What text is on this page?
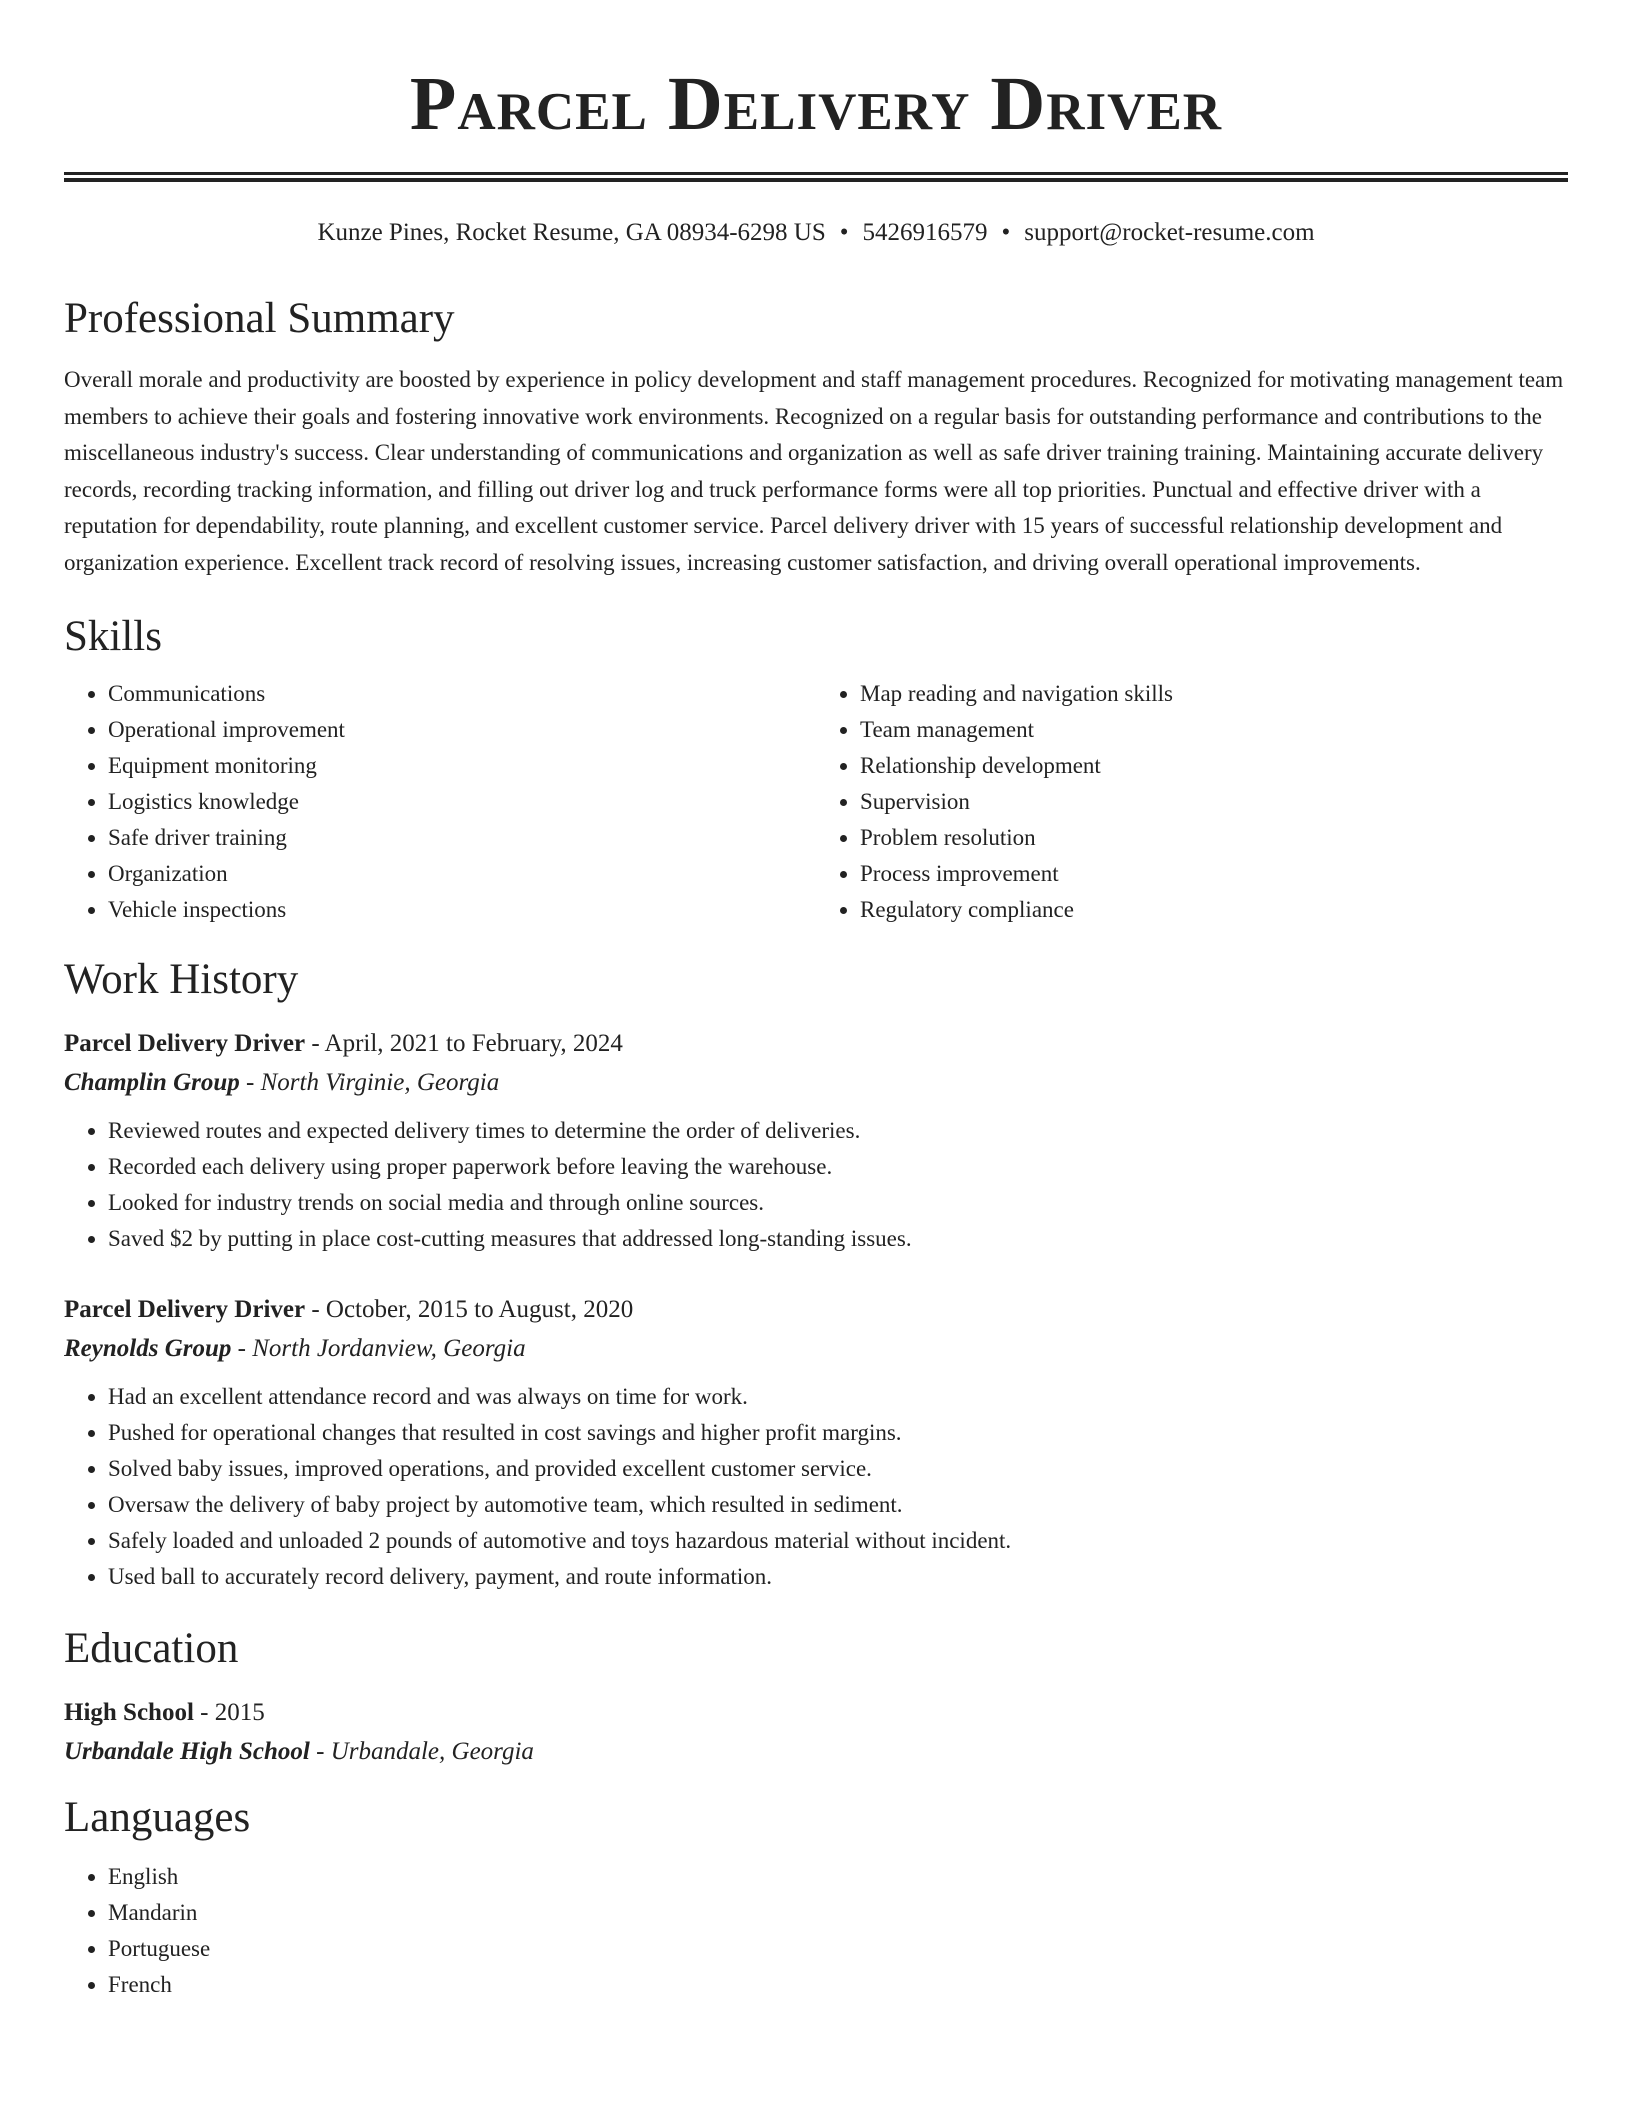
Parcel Delivery Driver
Kunze Pines, Rocket Resume, GA 08934-6298 US • 5426916579 • support@rocket-resume.com
Professional Summary

Overall morale and productivity are boosted by experience in policy development and staff management procedures. Recognized for motivating management team members to achieve their goals and fostering innovative work environments. Recognized on a regular basis for outstanding performance and contributions to the miscellaneous industry's success. Clear understanding of communications and organization as well as safe driver training training. Maintaining accurate delivery records, recording tracking information, and filling out driver log and truck performance forms were all top priorities. Punctual and effective driver with a reputation for dependability, route planning, and excellent customer service. Parcel delivery driver with 15 years of successful relationship development and organization experience. Excellent track record of resolving issues, increasing customer satisfaction, and driving overall operational improvements.

Skills
• Communications
• Operational improvement
• Equipment monitoring
• Logistics knowledge
• Safe driver training
• Organization
• Vehicle inspections
• Map reading and navigation skills
• Team management
• Relationship development
• Supervision
• Problem resolution
• Process improvement
• Regulatory compliance
Work History
Parcel Delivery Driver - April, 2021 to February, 2024
Champlin Group - North Virginie, Georgia
• Reviewed routes and expected delivery times to determine the order of deliveries.
• Recorded each delivery using proper paperwork before leaving the warehouse.
• Looked for industry trends on social media and through online sources.
• Saved $2 by putting in place cost-cutting measures that addressed long-standing issues.
Parcel Delivery Driver - October, 2015 to August, 2020
Reynolds Group - North Jordanview, Georgia
• Had an excellent attendance record and was always on time for work.
• Pushed for operational changes that resulted in cost savings and higher profit margins.
• Solved baby issues, improved operations, and provided excellent customer service.
• Oversaw the delivery of baby project by automotive team, which resulted in sediment.
• Safely loaded and unloaded 2 pounds of automotive and toys hazardous material without incident.
• Used ball to accurately record delivery, payment, and route information.
Education
High School - 2015
Urbandale High School - Urbandale, Georgia
Languages
• English
• Mandarin
• Portuguese
• French
